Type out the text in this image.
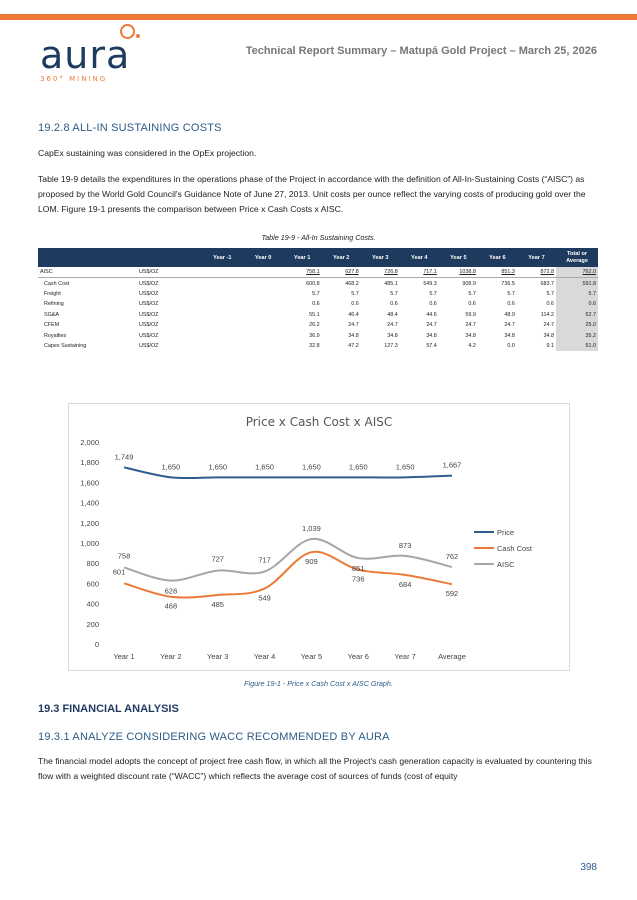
aura
360° MINING
Technical Report Summary – Matupá Gold Project – March 25, 2026
19.2.8 ALL-IN SUSTAINING COSTS
CapEx sustaining was considered in the OpEx projection.
Table 19-9 details the expenditures in the operations phase of the Project in accordance with the definition of All-In-Sustaining Costs (“AISC”) as proposed by the World Gold Council's Guidance Note of June 27, 2013. Unit costs per ounce reflect the varying costs of producing gold over the LOM. Figure 19-1 presents the comparison between Price x Cash Costs x AISC.
Table 19-9 - All-In Sustaining Costs.
		Year -1	Year 0	Year 1	Year 2	Year 3	Year 4	Year 5	Year 6	Year 7	Total or Average
AISC	US$/OZ			758.1	627.8	726.8	717.1	1038.8	851.3	872.8	762.0
Cash Cost	US$/OZ			600.8	468.2	485.1	549.3	908.9	736.5	683.7	591.8
Freight	US$/OZ			5.7	5.7	5.7	5.7	5.7	5.7	5.7	5.7
Refining	US$/OZ			0.6	0.6	0.6	0.6	0.6	0.6	0.6	0.6
SG&A	US$/OZ			55.1	46.4	48.4	44.6	59.9	48.9	114.2	52.7
CFEM	US$/OZ			26.2	24.7	24.7	24.7	24.7	24.7	24.7	25.0
Royalties	US$/OZ			36.9	34.8	34.8	34.8	34.8	34.8	34.8	35.2
Capex Sustaining	US$/OZ			32.8	47.2	127.3	57.4	4.2	0.0	9.1	51.0
Price x Cash Cost x AISC
0
200
400
600
800
1,000
1,200
1,400
1,600
1,800
2,000
Year 1	Year 2	Year 3	Year 4	Year 5	Year 6	Year 7	Average
1,749
1,650	1,650	1,650	1,650	1,650	1,650	1,667
Price
601
468	485
549
909
736
684
592
Cash Cost
758
628
727	717
1,039
851
873
762
AISC
Figure 19-1 - Price x Cash Cost x AISC Graph.
19.3 FINANCIAL ANALYSIS
19.3.1 ANALYZE CONSIDERING WACC RECOMMENDED BY AURA
The financial model adopts the concept of project free cash flow, in which all the Project's cash generation capacity is evaluated by countering this flow with a weighted discount rate (“WACC”) which reflects the average cost of sources of funds (cost of equity
398
